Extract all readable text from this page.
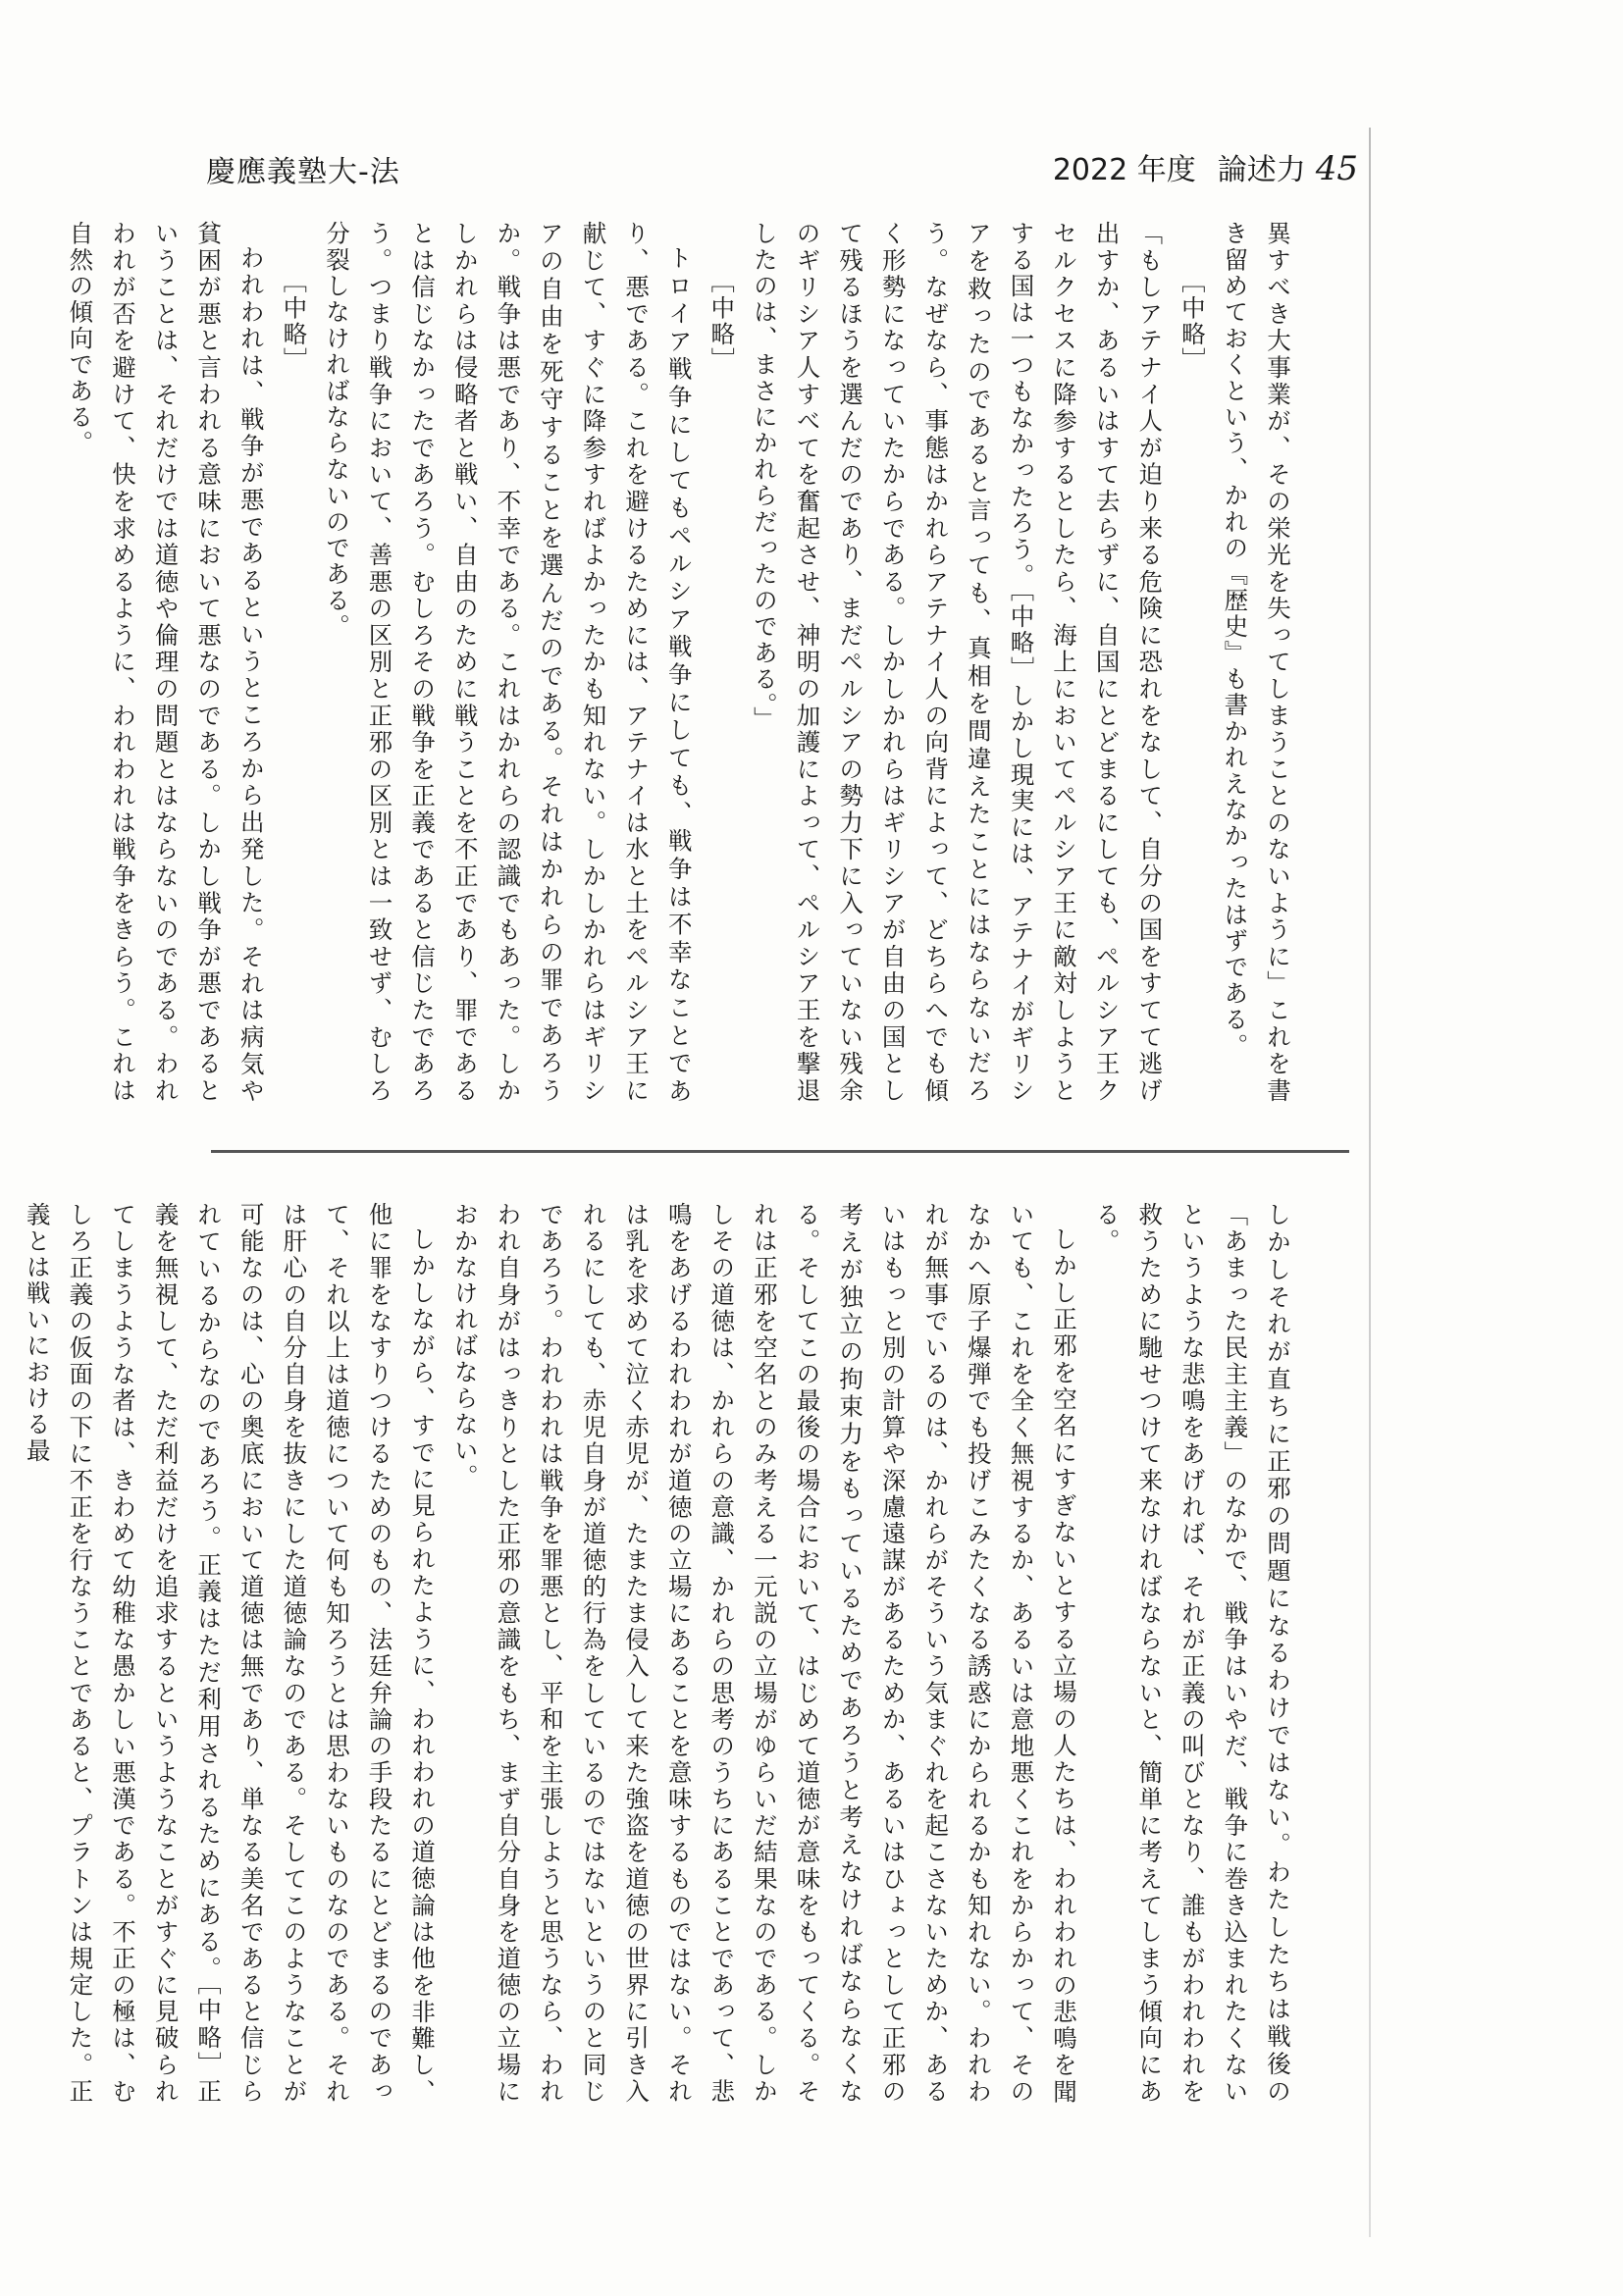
慶應義塾大-法	2022 年度 論述力 45

異すべき大事業が、その栄光を失ってしまうことのないように」これを書き留めておくという、かれの『歴史』も書かれえなかったはずである。

［中略］

「もしアテナイ人が迫り来る危険に恐れをなして、自分の国をすてて逃げ出すか、あるいはすて去らずに、自国にとどまるにしても、ペルシア王クセルクセスに降参するとしたら、海上においてペルシア王に敵対しようとする国は一つもなかったろう。［中略］しかし現実には、アテナイがギリシアを救ったのであると言っても、真相を間違えたことにはならないだろう。なぜなら、事態はかれらアテナイ人の向背によって、どちらへでも傾く形勢になっていたからである。しかしかれらはギリシアが自由の国として残るほうを選んだのであり、まだペルシアの勢力下に入っていない残余のギリシア人すべてを奮起させ、神明の加護によって、ペルシア王を撃退したのは、まさにかれらだったのである。」

［中略］

トロイア戦争にしてもペルシア戦争にしても、戦争は不幸なことであり、悪である。これを避けるためには、アテナイは水と土をペルシア王に献じて、すぐに降参すればよかったかも知れない。しかしかれらはギリシアの自由を死守することを選んだのである。それはかれらの罪であろうか。戦争は悪であり、不幸である。これはかれらの認識でもあった。しかしかれらは侵略者と戦い、自由のために戦うことを不正であり、罪であるとは信じなかったであろう。むしろその戦争を正義であると信じたであろう。つまり戦争において、善悪の区別と正邪の区別とは一致せず、むしろ分裂しなければならないのである。

［中略］

われわれは、戦争が悪であるというところから出発した。それは病気や貧困が悪と言われる意味において悪なのである。しかし戦争が悪であるということは、それだけでは道徳や倫理の問題とはならないのである。われわれが否を避けて、快を求めるように、われわれは戦争をきらう。これは自然の傾向である。

しかしそれが直ちに正邪の問題になるわけではない。わたしたちは戦後の「あまった民主主義」のなかで、戦争はいやだ、戦争に巻き込まれたくないというような悲鳴をあげれば、それが正義の叫びとなり、誰もがわれわれを救うために馳せつけて来なければならないと、簡単に考えてしまう傾向にある。

しかし正邪を空名にすぎないとする立場の人たちは、われわれの悲鳴を聞いても、これを全く無視するか、あるいは意地悪くこれをからかって、そのなかへ原子爆弾でも投げこみたくなる誘惑にかられるかも知れない。われわれが無事でいるのは、かれらがそういう気まぐれを起こさないためか、あるいはもっと別の計算や深慮遠謀があるためか、あるいはひょっとして正邪の考えが独立の拘束力をもっているためであろうと考えなければならなくなる。そしてこの最後の場合において、はじめて道徳が意味をもってくる。それは正邪を空名とのみ考える一元説の立場がゆらいだ結果なのである。しかしその道徳は、かれらの意識、かれらの思考のうちにあることであって、悲鳴をあげるわれわれが道徳の立場にあることを意味するものではない。それは乳を求めて泣く赤児が、たまたま侵入して来た強盗を道徳の世界に引き入れるにしても、赤児自身が道徳的行為をしているのではないというのと同じであろう。われわれは戦争を罪悪とし、平和を主張しようと思うなら、われわれ自身がはっきりとした正邪の意識をもち、まず自分自身を道徳の立場におかなければならない。

しかしながら、すでに見られたように、われわれの道徳論は他を非難し、他に罪をなすりつけるためのもの、法廷弁論の手段たるにとどまるのであって、それ以上は道徳について何も知ろうとは思わないものなのである。それは肝心の自分自身を抜きにした道徳論なのである。そしてこのようなことが可能なのは、心の奥底において道徳は無であり、単なる美名であると信じられているからなのであろう。正義はただ利用されるためにある。［中略］正義を無視して、ただ利益だけを追求するというようなことがすぐに見破られてしまうような者は、きわめて幼稚な愚かしい悪漢である。不正の極は、むしろ正義の仮面の下に不正を行なうことであると、プラトンは規定した。正義とは戦いにおける最
